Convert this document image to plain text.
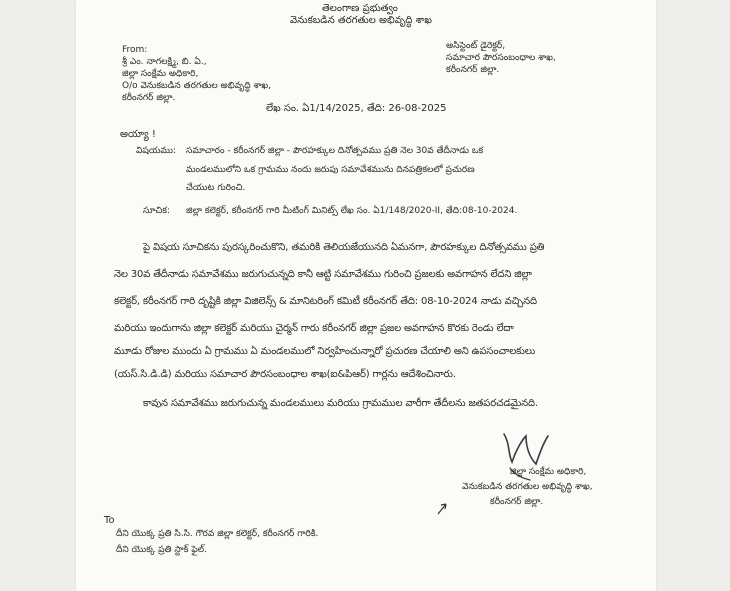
తెలంగాణ ప్రభుత్వం
వెనుకబడిన తరగతుల అభివృద్ధి శాఖ
From:
శ్రీ ఎం. నాగలక్ష్మి, బి. ఏ.,
జిల్లా సంక్షేమ అధికారి,
O/o వెనుకబడిన తరగతుల అభివృద్ధి శాఖ,
కరీంనగర్ జిల్లా.
అసిస్టెంట్ డైరెక్టర్,
సమాచార పౌరసంబంధాల శాఖ,
కరీంనగర్ జిల్లా.
లేఖ సం. ఏ1/14/2025, తేది: 26-08-2025
అయ్యా !
విషయము: సమాచారం - కరీంనగర్ జిల్లా - పౌరహక్కుల దినోత్సవము ప్రతి నెల 30వ తేదీనాడు ఒక
మండలములోని ఒక గ్రామము నందు జరుపు సమావేశమును దినపత్రికలలో ప్రచురణ
చేయుట గురించి.
సూచిక: జిల్లా కలెక్టర్, కరీంనగర్ గారి మీటింగ్ మినిట్స్ లేఖ సం. ఏ1/148/2020-II, తేది:08-10-2024.
పై విషయ సూచికను పురస్కరించుకొని, తమరికి తెలియజేయునది ఏమనగా, పౌరహక్కుల దినోత్సవము ప్రతి
నెల 30వ తేదీనాడు సమావేశము జరుగుచున్నది కానీ ఆట్టి సమావేశము గురించి ప్రజలకు అవగాహన లేదని జిల్లా
కలెక్టర్, కరీంనగర్ గారి దృష్టికి జిల్లా విజిలెన్స్ & మానిటరింగ్ కమిటీ కరీంనగర్ తేది: 08-10-2024 నాడు వచ్చినది
మరియు ఇందుగాను జిల్లా కలెక్టర్ మరియు చైర్మన్ గారు కరీంనగర్ జిల్లా ప్రజల అవగాహన కొరకు రెండు లేదా
మూడు రోజుల ముందు ఏ గ్రామము ఏ మండలములో నిర్వహించున్నారో ప్రచురణ చేయాలి అని ఉపసంచాలకులు
(యస్.సి.డి.డి) మరియు సమాచార పౌరసంబంధాల శాఖ(ఐ&పిఆర్) గార్లను ఆదేశించినారు.
కావున సమావేశము జరుగుచున్న మండలములు మరియు గ్రామముల వారీగా తేదీలను జతపరచడమైనది.
జిల్లా సంక్షేమ అధికారి,
వెనుకబడిన తరగతుల అభివృద్ధి శాఖ,
కరీంనగర్ జిల్లా.
To
దీని యొక్క ప్రతి సి.సి. గౌరవ జిల్లా కలెక్టర్, కరీంనగర్ గారికి.
దీని యొక్క ప్రతి స్టాక్ ఫైల్.
